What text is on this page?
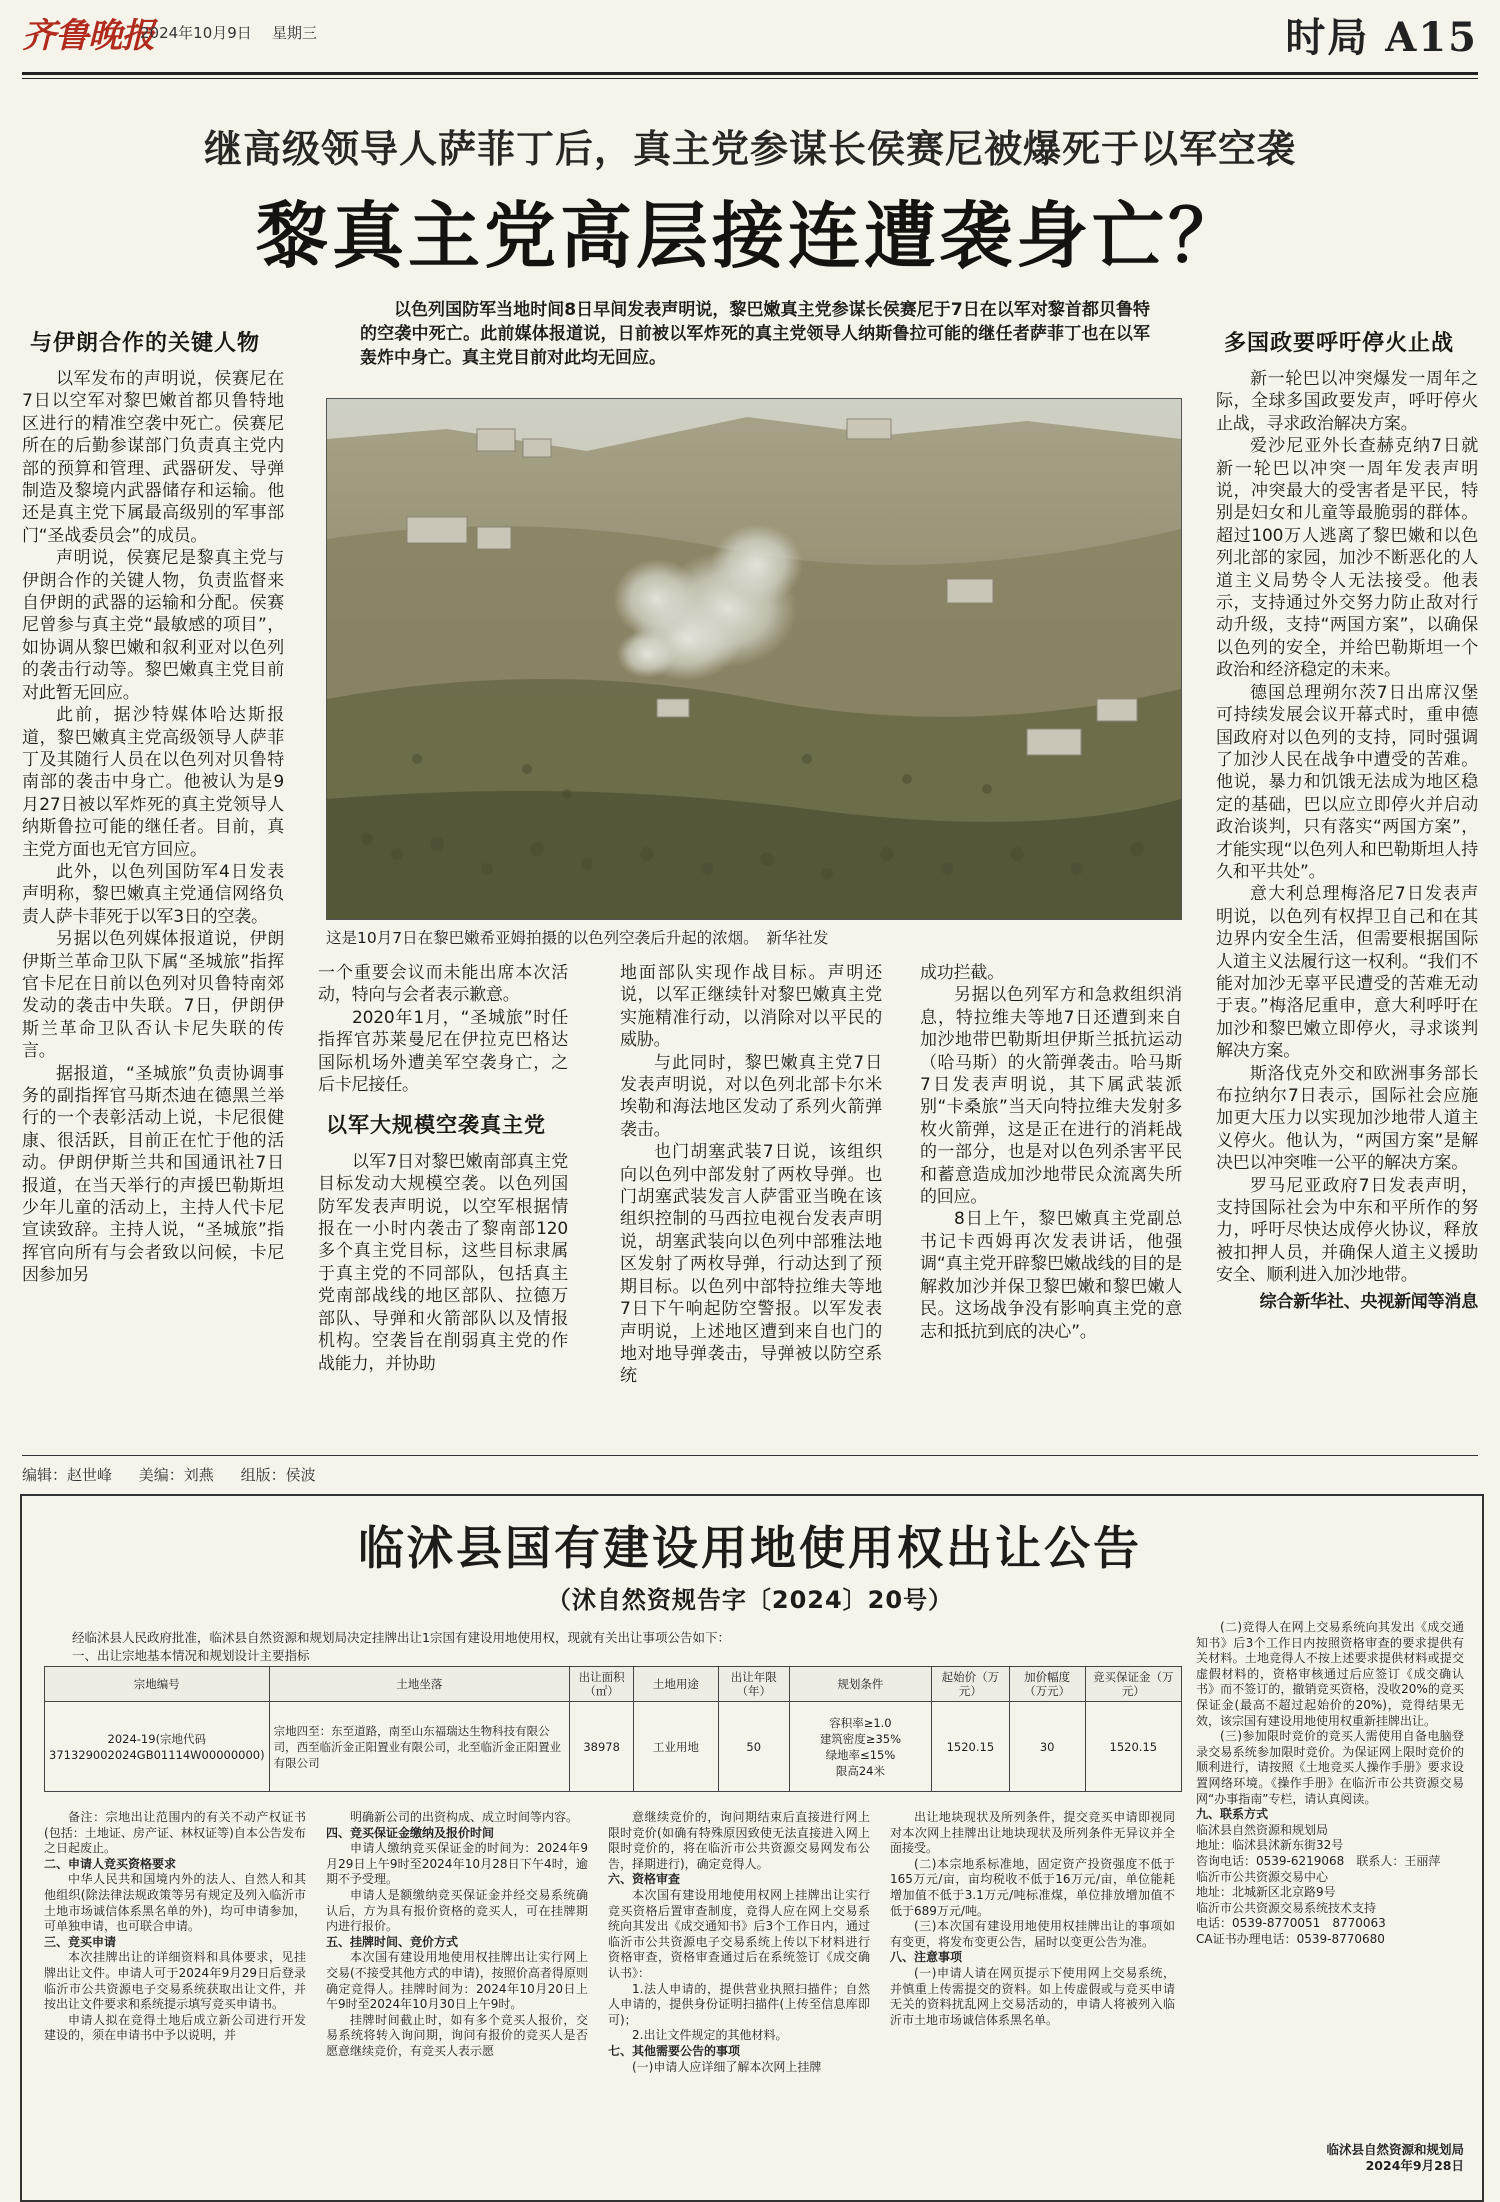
齐鲁晚报
2024年10月9日 星期三	时局 A15
继高级领导人萨菲丁后，真主党参谋长侯赛尼被爆死于以军空袭
黎真主党高层接连遭袭身亡？
与伊朗合作的关键人物

以军发布的声明说，侯赛尼在7日以空军对黎巴嫩首都贝鲁特地区进行的精准空袭中死亡。侯赛尼所在的后勤参谋部门负责真主党内部的预算和管理、武器研发、导弹制造及黎境内武器储存和运输。他还是真主党下属最高级别的军事部门“圣战委员会”的成员。

声明说，侯赛尼是黎真主党与伊朗合作的关键人物，负责监督来自伊朗的武器的运输和分配。侯赛尼曾参与真主党“最敏感的项目”，如协调从黎巴嫩和叙利亚对以色列的袭击行动等。黎巴嫩真主党目前对此暂无回应。

此前，据沙特媒体哈达斯报道，黎巴嫩真主党高级领导人萨菲丁及其随行人员在以色列对贝鲁特南部的袭击中身亡。他被认为是9月27日被以军炸死的真主党领导人纳斯鲁拉可能的继任者。目前，真主党方面也无官方回应。

此外，以色列国防军4日发表声明称，黎巴嫩真主党通信网络负责人萨卡菲死于以军3日的空袭。

另据以色列媒体报道说，伊朗伊斯兰革命卫队下属“圣城旅”指挥官卡尼在日前以色列对贝鲁特南郊发动的袭击中失联。7日，伊朗伊斯兰革命卫队否认卡尼失联的传言。

据报道，“圣城旅”负责协调事务的副指挥官马斯杰迪在德黑兰举行的一个表彰活动上说，卡尼很健康、很活跃，目前正在忙于他的活动。伊朗伊斯兰共和国通讯社7日报道，在当天举行的声援巴勒斯坦少年儿童的活动上，主持人代卡尼宣读致辞。主持人说，“圣城旅”指挥官向所有与会者致以问候，卡尼因参加另

以色列国防军当地时间8日早间发表声明说，黎巴嫩真主党参谋长侯赛尼于7日在以军对黎首都贝鲁特的空袭中死亡。此前媒体报道说，日前被以军炸死的真主党领导人纳斯鲁拉可能的继任者萨菲丁也在以军轰炸中身亡。真主党目前对此均无回应。
这是10月7日在黎巴嫩希亚姆拍摄的以色列空袭后升起的浓烟。　新华社发

一个重要会议而未能出席本次活动，特向与会者表示歉意。

2020年1月，“圣城旅”时任指挥官苏莱曼尼在伊拉克巴格达国际机场外遭美军空袭身亡，之后卡尼接任。

以军大规模空袭真主党

以军7日对黎巴嫩南部真主党目标发动大规模空袭。以色列国防军发表声明说，以空军根据情报在一小时内袭击了黎南部120多个真主党目标，这些目标隶属于真主党的不同部队，包括真主党南部战线的地区部队、拉德万部队、导弹和火箭部队以及情报机构。空袭旨在削弱真主党的作战能力，并协助

地面部队实现作战目标。声明还说，以军正继续针对黎巴嫩真主党实施精准行动，以消除对以平民的威胁。

与此同时，黎巴嫩真主党7日发表声明说，对以色列北部卡尔米埃勒和海法地区发动了系列火箭弹袭击。

也门胡塞武装7日说，该组织向以色列中部发射了两枚导弹。也门胡塞武装发言人萨雷亚当晚在该组织控制的马西拉电视台发表声明说，胡塞武装向以色列中部雅法地区发射了两枚导弹，行动达到了预期目标。以色列中部特拉维夫等地7日下午响起防空警报。以军发表声明说，上述地区遭到来自也门的地对地导弹袭击，导弹被以防空系统

成功拦截。

另据以色列军方和急救组织消息，特拉维夫等地7日还遭到来自加沙地带巴勒斯坦伊斯兰抵抗运动（哈马斯）的火箭弹袭击。哈马斯7日发表声明说，其下属武装派别“卡桑旅”当天向特拉维夫发射多枚火箭弹，这是正在进行的消耗战的一部分，也是对以色列杀害平民和蓄意造成加沙地带民众流离失所的回应。

8日上午，黎巴嫩真主党副总书记卡西姆再次发表讲话，他强调“真主党开辟黎巴嫩战线的目的是解救加沙并保卫黎巴嫩和黎巴嫩人民。这场战争没有影响真主党的意志和抵抗到底的决心”。

多国政要呼吁停火止战

新一轮巴以冲突爆发一周年之际，全球多国政要发声，呼吁停火止战，寻求政治解决方案。

爱沙尼亚外长查赫克纳7日就新一轮巴以冲突一周年发表声明说，冲突最大的受害者是平民，特别是妇女和儿童等最脆弱的群体。超过100万人逃离了黎巴嫩和以色列北部的家园，加沙不断恶化的人道主义局势令人无法接受。他表示，支持通过外交努力防止敌对行动升级，支持“两国方案”，以确保以色列的安全，并给巴勒斯坦一个政治和经济稳定的未来。

德国总理朔尔茨7日出席汉堡可持续发展会议开幕式时，重申德国政府对以色列的支持，同时强调了加沙人民在战争中遭受的苦难。他说，暴力和饥饿无法成为地区稳定的基础，巴以应立即停火并启动政治谈判，只有落实“两国方案”，才能实现“以色列人和巴勒斯坦人持久和平共处”。

意大利总理梅洛尼7日发表声明说，以色列有权捍卫自己和在其边界内安全生活，但需要根据国际人道主义法履行这一权利。“我们不能对加沙无辜平民遭受的苦难无动于衷。”梅洛尼重申，意大利呼吁在加沙和黎巴嫩立即停火，寻求谈判解决方案。

斯洛伐克外交和欧洲事务部长布拉纳尔7日表示，国际社会应施加更大压力以实现加沙地带人道主义停火。他认为，“两国方案”是解决巴以冲突唯一公平的解决方案。

罗马尼亚政府7日发表声明，支持国际社会为中东和平所作的努力，呼吁尽快达成停火协议，释放被扣押人员，并确保人道主义援助安全、顺利进入加沙地带。

综合新华社、央视新闻等消息
编辑：赵世峰 美编：刘燕 组版：侯波
临沭县国有建设用地使用权出让公告
（沭自然资规告字〔2024〕20号）
经临沭县人民政府批准，临沭县自然资源和规划局决定挂牌出让1宗国有建设用地使用权，现就有关出让事项公告如下：
一、出让宗地基本情况和规划设计主要指标
宗地编号	土地坐落	出让面积（㎡）	土地用途	出让年限（年）	规划条件	起始价（万元）	加价幅度（万元）	竞买保证金（万元）
2024-19(宗地代码371329002024GB01114W00000000)	宗地四至：东至道路，南至山东福瑞达生物科技有限公司，西至临沂金正阳置业有限公司，北至临沂金正阳置业有限公司	38978	工业用地	50	容积率≥1.0
建筑密度≥35%
绿地率≤15%
限高24米	1520.15	30	1520.15

备注：宗地出让范围内的有关不动产权证书(包括：土地证、房产证、林权证等)自本公告发布之日起废止。

二、申请人竞买资格要求

中华人民共和国境内外的法人、自然人和其他组织(除法律法规政策等另有规定及列入临沂市土地市场诚信体系黑名单的外)，均可申请参加，可单独申请，也可联合申请。

三、竞买申请

本次挂牌出让的详细资料和具体要求，见挂牌出让文件。申请人可于2024年9月29日后登录临沂市公共资源电子交易系统获取出让文件，并按出让文件要求和系统提示填写竞买申请书。

申请人拟在竞得土地后成立新公司进行开发建设的，须在申请书中予以说明，并

明确新公司的出资构成、成立时间等内容。

四、竞买保证金缴纳及报价时间

申请人缴纳竞买保证金的时间为：2024年9月29日上午9时至2024年10月28日下午4时，逾期不予受理。

申请人是额缴纳竞买保证金并经交易系统确认后，方为具有报价资格的竞买人，可在挂牌期内进行报价。

五、挂牌时间、竞价方式

本次国有建设用地使用权挂牌出让实行网上交易(不接受其他方式的申请)，按照价高者得原则确定竞得人。挂牌时间为：2024年10月20日上午9时至2024年10月30日上午9时。

挂牌时间截止时，如有多个竞买人报价，交易系统将转入询问期，询问有报价的竞买人是否愿意继续竞价，有竞买人表示愿

意继续竞价的，询问期结束后直接进行网上限时竞价(如确有特殊原因致使无法直接进入网上限时竞价的，将在临沂市公共资源交易网发布公告，择期进行)，确定竞得人。

六、资格审查

本次国有建设用地使用权网上挂牌出让实行竞买资格后置审查制度，竞得人应在网上交易系统向其发出《成交通知书》后3个工作日内，通过临沂市公共资源电子交易系统上传以下材料进行资格审查，资格审查通过后在系统签订《成交确认书》：

1.法人申请的，提供营业执照扫描件；自然人申请的，提供身份证明扫描件(上传至信息库即可)；

2.出让文件规定的其他材料。

七、其他需要公告的事项

(一)申请人应详细了解本次网上挂牌

出让地块现状及所列条件，提交竞买申请即视同对本次网上挂牌出让地块现状及所列条件无异议并全面接受。

(二)本宗地系标准地，固定资产投资强度不低于165万元/亩，亩均税收不低于16万元/亩，单位能耗增加值不低于3.1万元/吨标准煤，单位排放增加值不低于689万元/吨。

(三)本次国有建设用地使用权挂牌出让的事项如有变更，将发布变更公告，届时以变更公告为准。

八、注意事项

(一)申请人请在网页提示下使用网上交易系统，并慎重上传需提交的资料。如上传虚假或与竞买申请无关的资料扰乱网上交易活动的，申请人将被列入临沂市土地市场诚信体系黑名单。

(二)竞得人在网上交易系统向其发出《成交通知书》后3个工作日内按照资格审查的要求提供有关材料。土地竞得人不按上述要求提供材料或提交虚假材料的，资格审核通过后应签订《成交确认书》而不签订的，撤销竞买资格，没收20%的竞买保证金(最高不超过起始价的20%)，竞得结果无效，该宗国有建设用地使用权重新挂牌出让。

(三)参加限时竞价的竞买人需使用自备电脑登录交易系统参加限时竞价。为保证网上限时竞价的顺利进行，请按照《土地竞买人操作手册》要求设置网络环境。《操作手册》在临沂市公共资源交易网“办事指南”专栏，请认真阅读。

九、联系方式

临沭县自然资源和规划局

地址：临沭县沭新东街32号

咨询电话：0539-6219068　联系人：王丽萍

临沂市公共资源交易中心

地址：北城新区北京路9号

临沂市公共资源交易系统技术支持

电话：0539-8770051　8770063

CA证书办理电话：0539-8770680

临沭县自然资源和规划局
2024年9月28日
